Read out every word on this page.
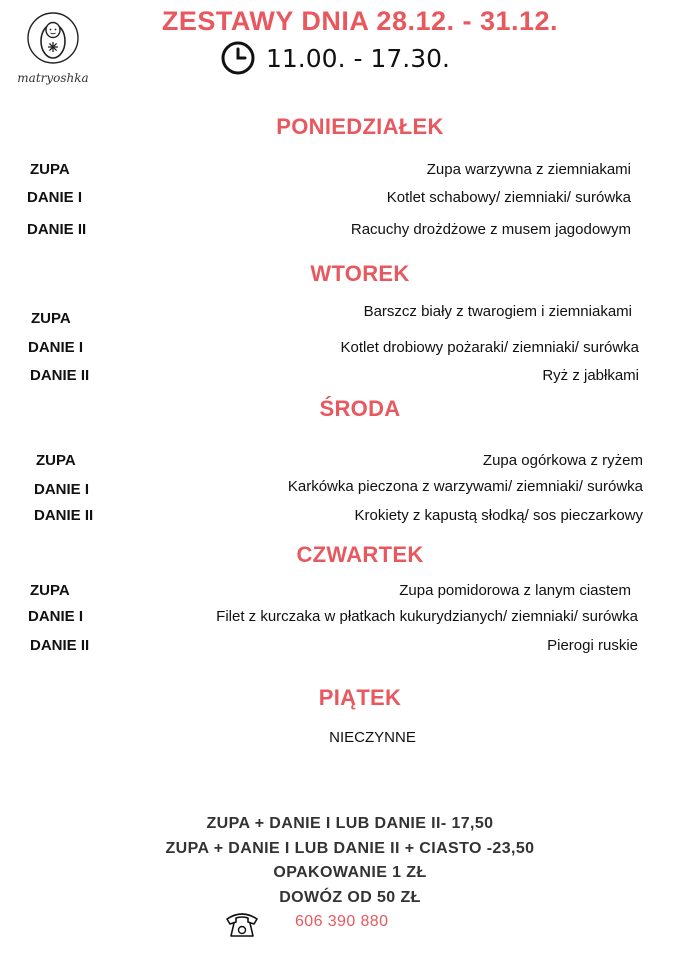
matryoshka
ZESTAWY DNIA 28.12. - 31.12.
11.00. - 17.30.
PONIEDZIAŁEK
ZUPA	Zupa warzywna z ziemniakami
DANIE I	Kotlet schabowy/ ziemniaki/ surówka
DANIE II	Racuchy drożdżowe z musem jagodowym
WTOREK
ZUPA	Barszcz biały z twarogiem i ziemniakami
DANIE I	Kotlet drobiowy pożaraki/ ziemniaki/ surówka
DANIE II	Ryż z jabłkami
ŚRODA
ZUPA	Zupa ogórkowa z ryżem
DANIE I	Karkówka pieczona z warzywami/ ziemniaki/ surówka
DANIE II	Krokiety z kapustą słodką/ sos pieczarkowy
CZWARTEK
ZUPA	Zupa pomidorowa z lanym ciastem
DANIE I	Filet z kurczaka w płatkach kukurydzianych/ ziemniaki/ surówka
DANIE II	Pierogi ruskie
PIĄTEK
NIECZYNNE
ZUPA + DANIE I LUB DANIE II- 17,50
ZUPA + DANIE I LUB DANIE II + CIASTO -23,50
OPAKOWANIE 1 ZŁ
DOWÓZ OD 50 ZŁ
606 390 880
